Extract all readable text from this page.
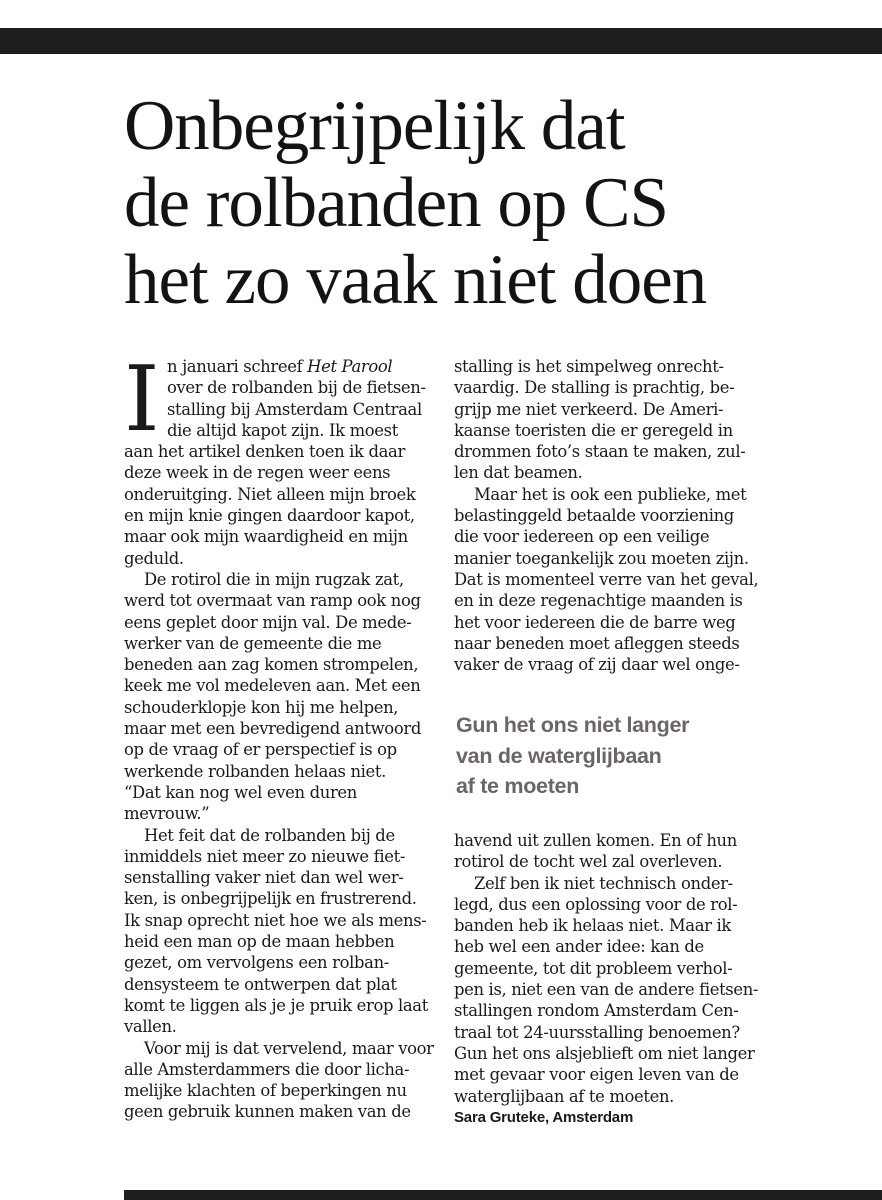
Onbegrijpelijk dat
de rolbanden op CS
het zo vaak niet doen
I n januari schreef Het Parool
over de rolbanden bij de fietsen-
stalling bij Amsterdam Centraal
die altijd kapot zijn. Ik moest
aan het artikel denken toen ik daar
deze week in de regen weer eens
onderuitging. Niet alleen mijn broek
en mijn knie gingen daardoor kapot,
maar ook mijn waardigheid en mijn
geduld.
De rotirol die in mijn rugzak zat,
werd tot overmaat van ramp ook nog
eens geplet door mijn val. De mede-
werker van de gemeente die me
beneden aan zag komen strompelen,
keek me vol medeleven aan. Met een
schouderklopje kon hij me helpen,
maar met een bevredigend antwoord
op de vraag of er perspectief is op
werkende rolbanden helaas niet.
“Dat kan nog wel even duren
mevrouw.”
Het feit dat de rolbanden bij de
inmiddels niet meer zo nieuwe fiet-
senstalling vaker niet dan wel wer-
ken, is onbegrijpelijk en frustrerend.
Ik snap oprecht niet hoe we als mens-
heid een man op de maan hebben
gezet, om vervolgens een rolban-
densysteem te ontwerpen dat plat
komt te liggen als je je pruik erop laat
vallen.
Voor mij is dat vervelend, maar voor
alle Amsterdammers die door licha-
melijke klachten of beperkingen nu
geen gebruik kunnen maken van de
stalling is het simpelweg onrecht-
vaardig. De stalling is prachtig, be-
grijp me niet verkeerd. De Ameri-
kaanse toeristen die er geregeld in
drommen foto’s staan te maken, zul-
len dat beamen.
Maar het is ook een publieke, met
belastinggeld betaalde voorziening
die voor iedereen op een veilige
manier toegankelijk zou moeten zijn.
Dat is momenteel verre van het geval,
en in deze regenachtige maanden is
het voor iedereen die de barre weg
naar beneden moet afleggen steeds
vaker de vraag of zij daar wel onge-
Gun het ons niet langer
van de waterglijbaan
af te moeten
havend uit zullen komen. En of hun
rotirol de tocht wel zal overleven.
Zelf ben ik niet technisch onder-
legd, dus een oplossing voor de rol-
banden heb ik helaas niet. Maar ik
heb wel een ander idee: kan de
gemeente, tot dit probleem verhol-
pen is, niet een van de andere fietsen-
stallingen rondom Amsterdam Cen-
traal tot 24-uursstalling benoemen?
Gun het ons alsjeblieft om niet langer
met gevaar voor eigen leven van de
waterglijbaan af te moeten.
Sara Gruteke, Amsterdam
